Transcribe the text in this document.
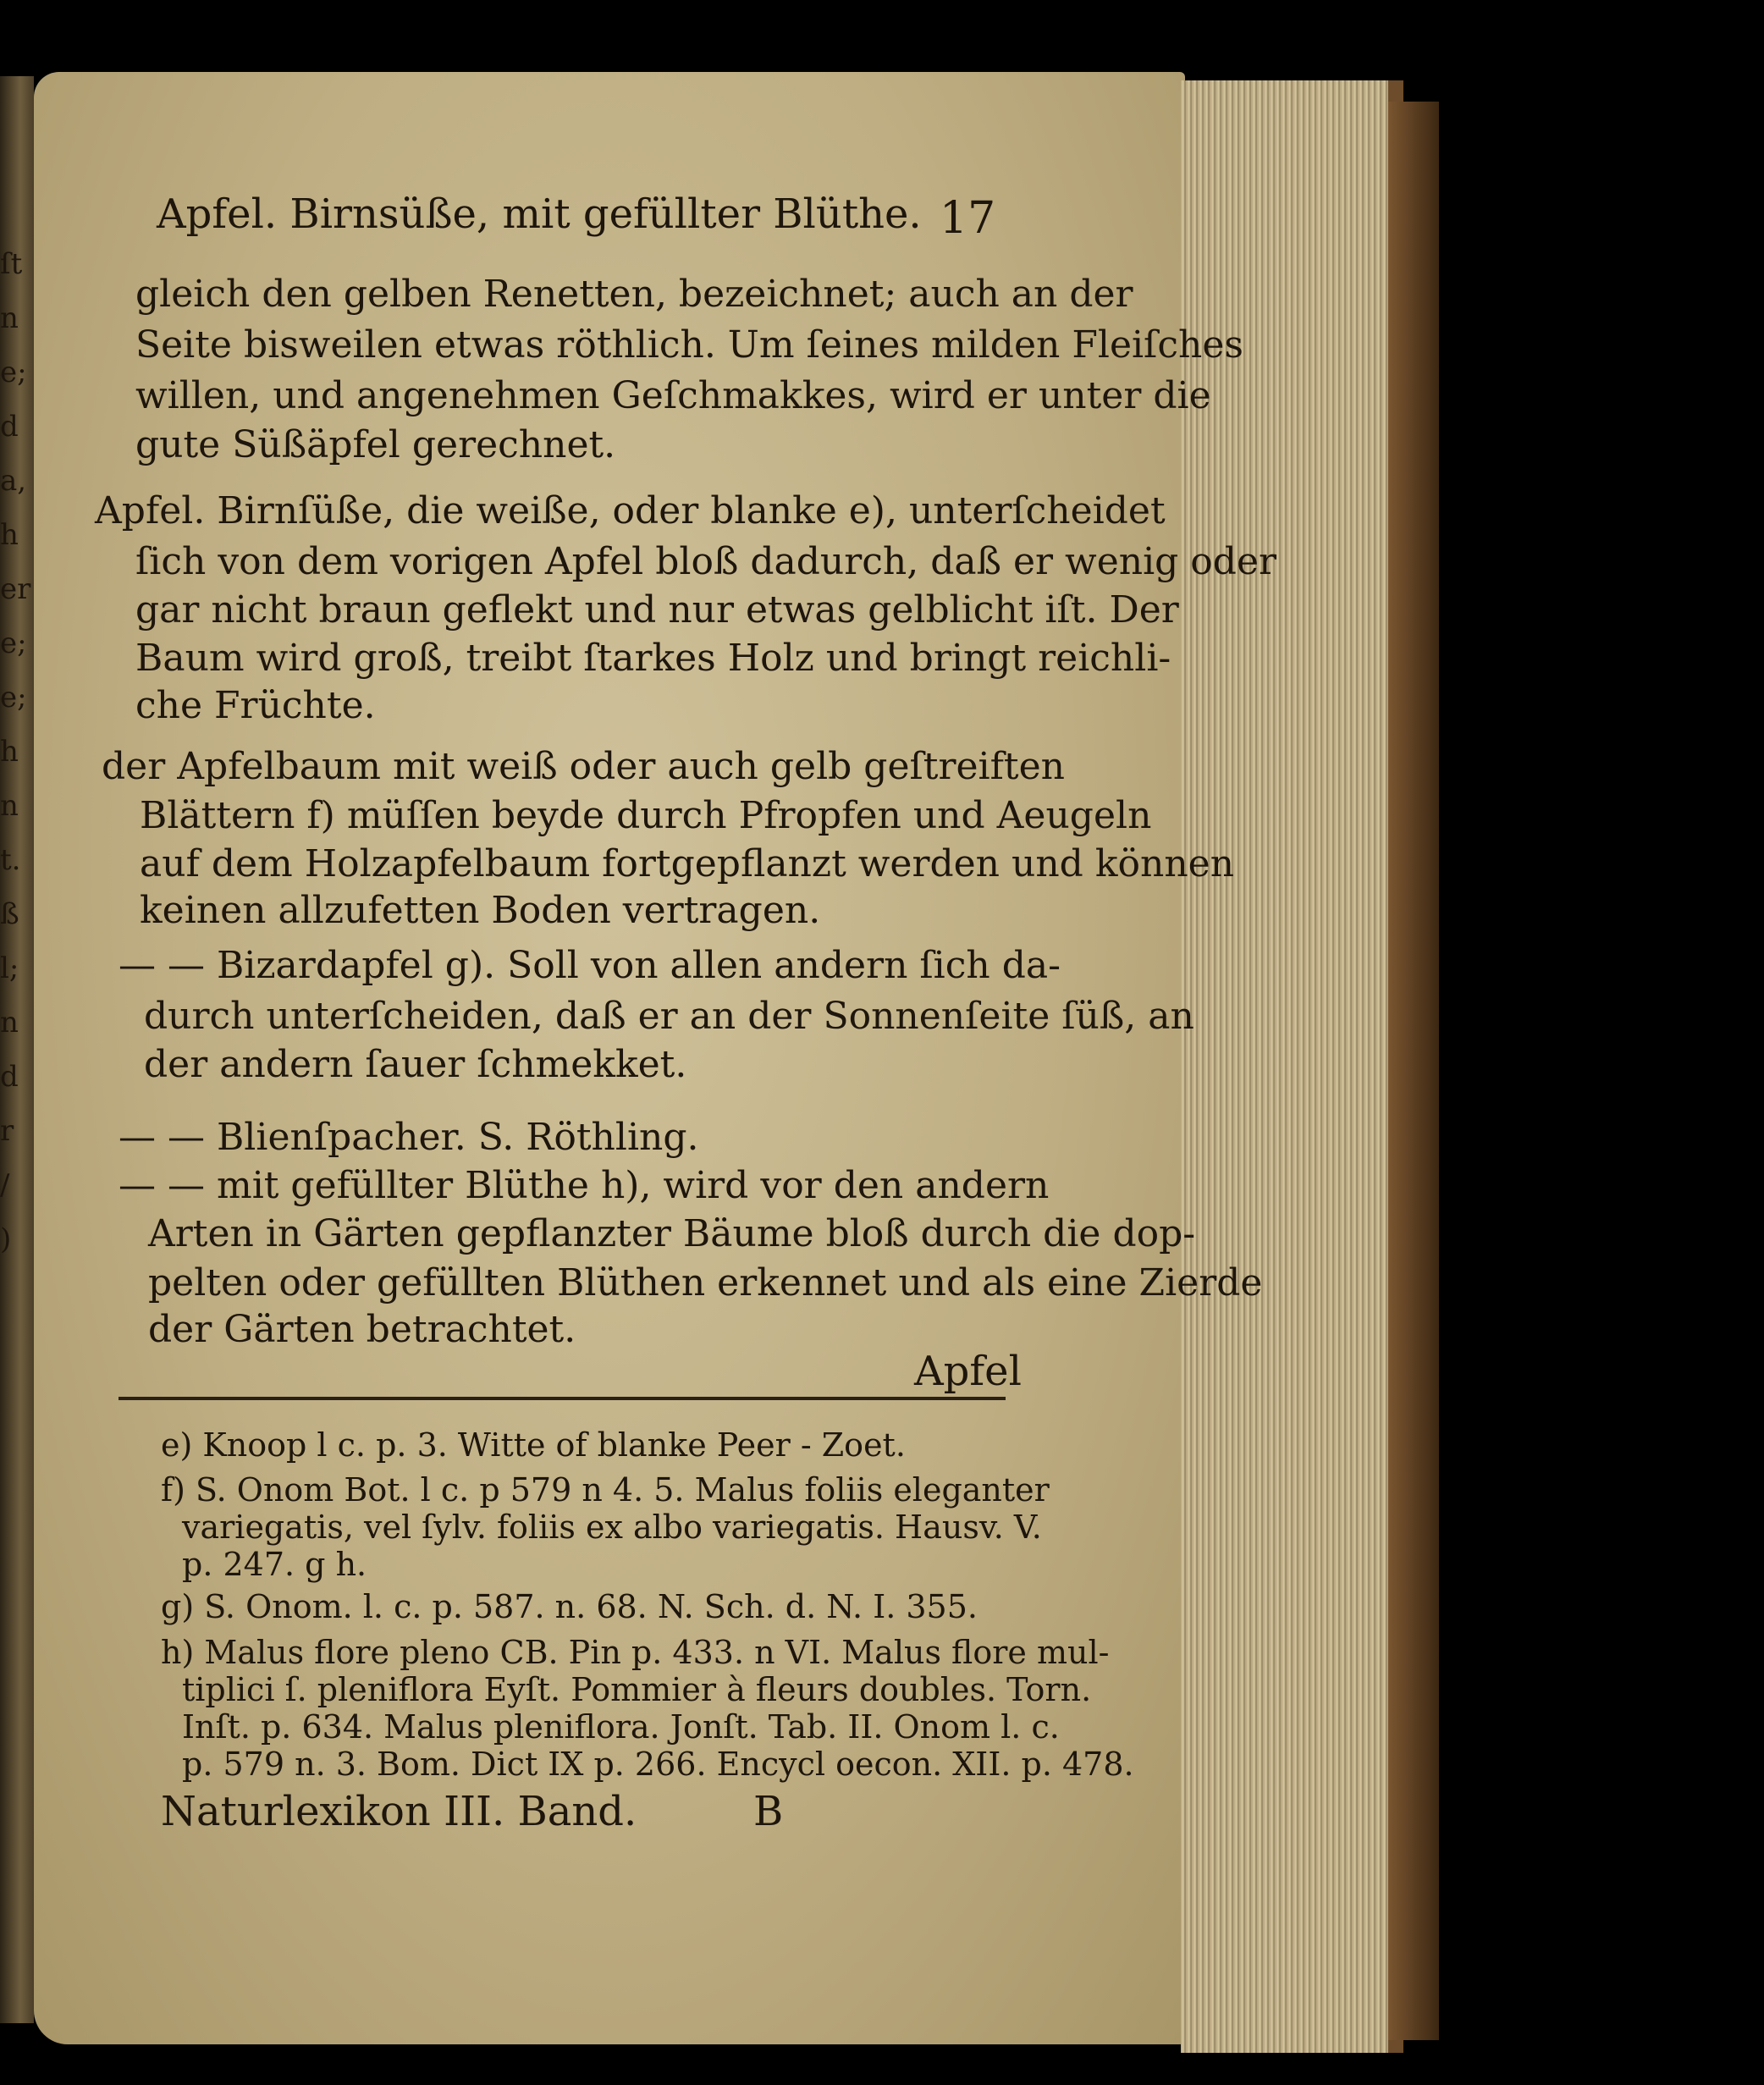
ſt
n
e;
d
a,
h
er
e;
e;
h
n
t.
ß
l;
n
d
r
/
)
Apfel. Birnsüße, mit gefüllter Blüthe. 17
gleich den gelben Renetten, bezeichnet; auch an der
Seite bisweilen etwas röthlich. Um ſeines milden Fleiſches
willen, und angenehmen Geſchmakkes, wird er unter die
gute Süßäpfel gerechnet.
Apfel. Birnſüße, die weiße, oder blanke e), unterſcheidet
ſich von dem vorigen Apfel bloß dadurch, daß er wenig oder
gar nicht braun geflekt und nur etwas gelblicht iſt. Der
Baum wird groß, treibt ſtarkes Holz und bringt reichli-
che Früchte.
der Apfelbaum mit weiß oder auch gelb geſtreiften
Blättern f) müſſen beyde durch Pfropfen und Aeugeln
auf dem Holzapfelbaum fortgepflanzt werden und können
keinen allzufetten Boden vertragen.
— — Bizardapfel g). Soll von allen andern ſich da-
durch unterſcheiden, daß er an der Sonnenſeite ſüß, an
der andern ſauer ſchmekket.
— — Blienſpacher. S. Röthling.
— — mit gefüllter Blüthe h), wird vor den andern
Arten in Gärten gepflanzter Bäume bloß durch die dop-
pelten oder gefüllten Blüthen erkennet und als eine Zierde
der Gärten betrachtet.
Apfel
e) Knoop l c. p. 3. Witte of blanke Peer - Zoet.
f) S. Onom Bot. l c. p 579 n 4. 5. Malus foliis eleganter
variegatis, vel ſylv. foliis ex albo variegatis. Hausv. V.
p. 247. g h.
g) S. Onom. l. c. p. 587. n. 68. N. Sch. d. N. I. 355.
h) Malus flore pleno CB. Pin p. 433. n VI. Malus flore mul-
tiplici ſ. pleniflora Eyſt. Pommier à fleurs doubles. Torn.
Inſt. p. 634. Malus pleniflora. Jonſt. Tab. II. Onom l. c.
p. 579 n. 3. Bom. Dict IX p. 266. Encycl oecon. XII. p. 478.
Naturlexikon III. Band.	B
